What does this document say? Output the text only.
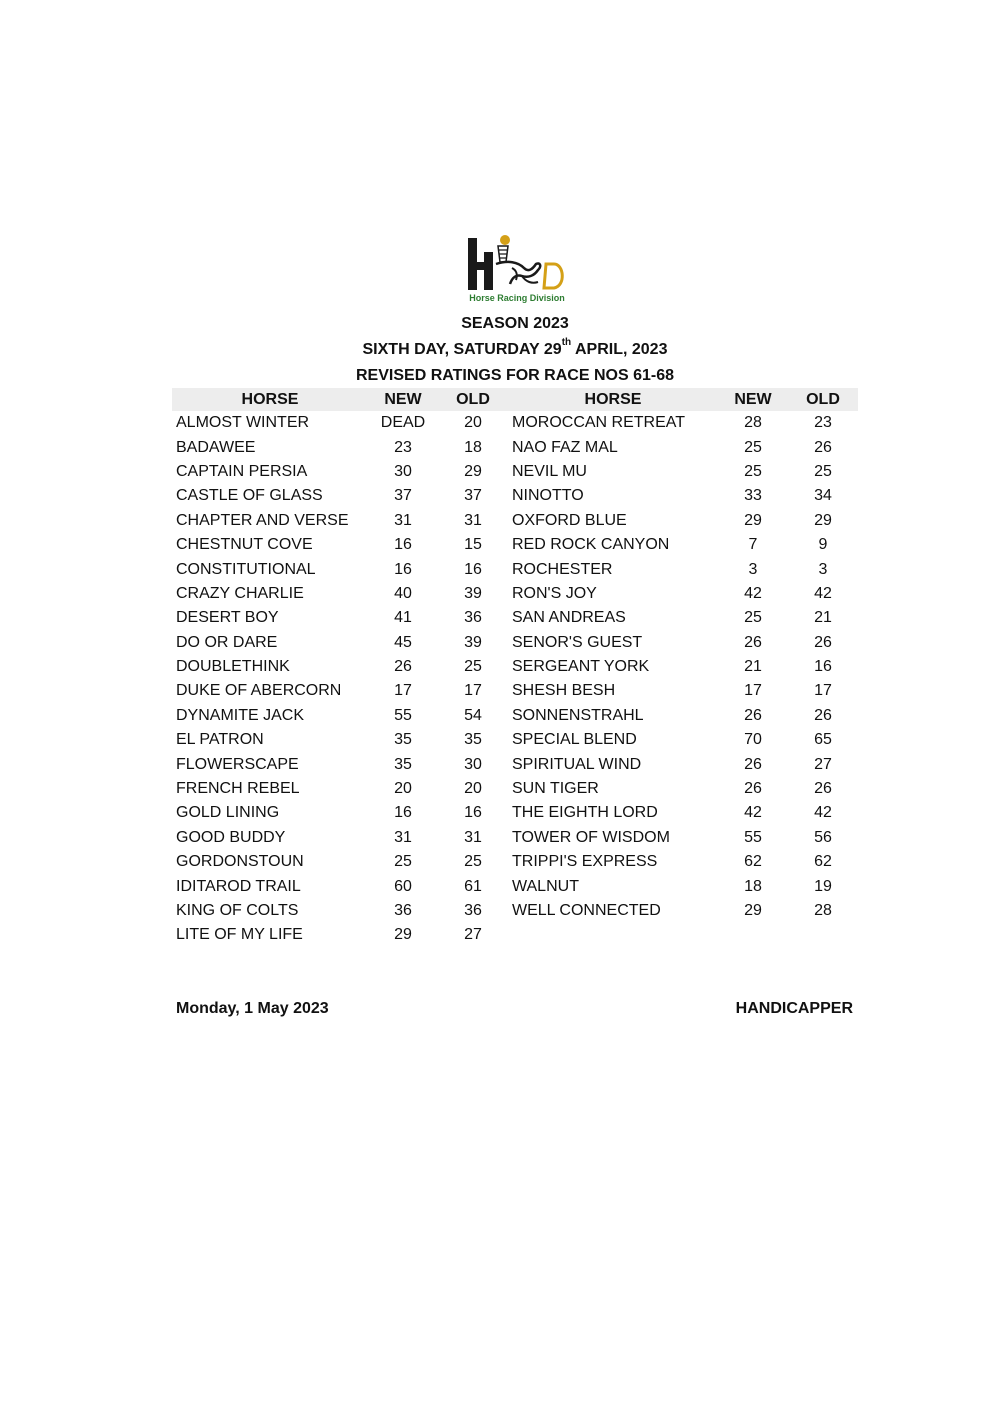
Horse Racing Division
SEASON 2023
SIXTH DAY, SATURDAY 29th APRIL, 2023
REVISED RATINGS FOR RACE NOS 61-68
HORSE	NEW	OLD	HORSE	NEW	OLD
ALMOST WINTER	DEAD	20	MOROCCAN RETREAT	28	23
BADAWEE	23	18	NAO FAZ MAL	25	26
CAPTAIN PERSIA	30	29	NEVIL MU	25	25
CASTLE OF GLASS	37	37	NINOTTO	33	34
CHAPTER AND VERSE	31	31	OXFORD BLUE	29	29
CHESTNUT COVE	16	15	RED ROCK CANYON	7	9
CONSTITUTIONAL	16	16	ROCHESTER	3	3
CRAZY CHARLIE	40	39	RON'S JOY	42	42
DESERT BOY	41	36	SAN ANDREAS	25	21
DO OR DARE	45	39	SENOR'S GUEST	26	26
DOUBLETHINK	26	25	SERGEANT YORK	21	16
DUKE OF ABERCORN	17	17	SHESH BESH	17	17
DYNAMITE JACK	55	54	SONNENSTRAHL	26	26
EL PATRON	35	35	SPECIAL BLEND	70	65
FLOWERSCAPE	35	30	SPIRITUAL WIND	26	27
FRENCH REBEL	20	20	SUN TIGER	26	26
GOLD LINING	16	16	THE EIGHTH LORD	42	42
GOOD BUDDY	31	31	TOWER OF WISDOM	55	56
GORDONSTOUN	25	25	TRIPPI'S EXPRESS	62	62
IDITAROD TRAIL	60	61	WALNUT	18	19
KING OF COLTS	36	36	WELL CONNECTED	29	28
LITE OF MY LIFE	29	27			
Monday, 1 May 2023	HANDICAPPER
